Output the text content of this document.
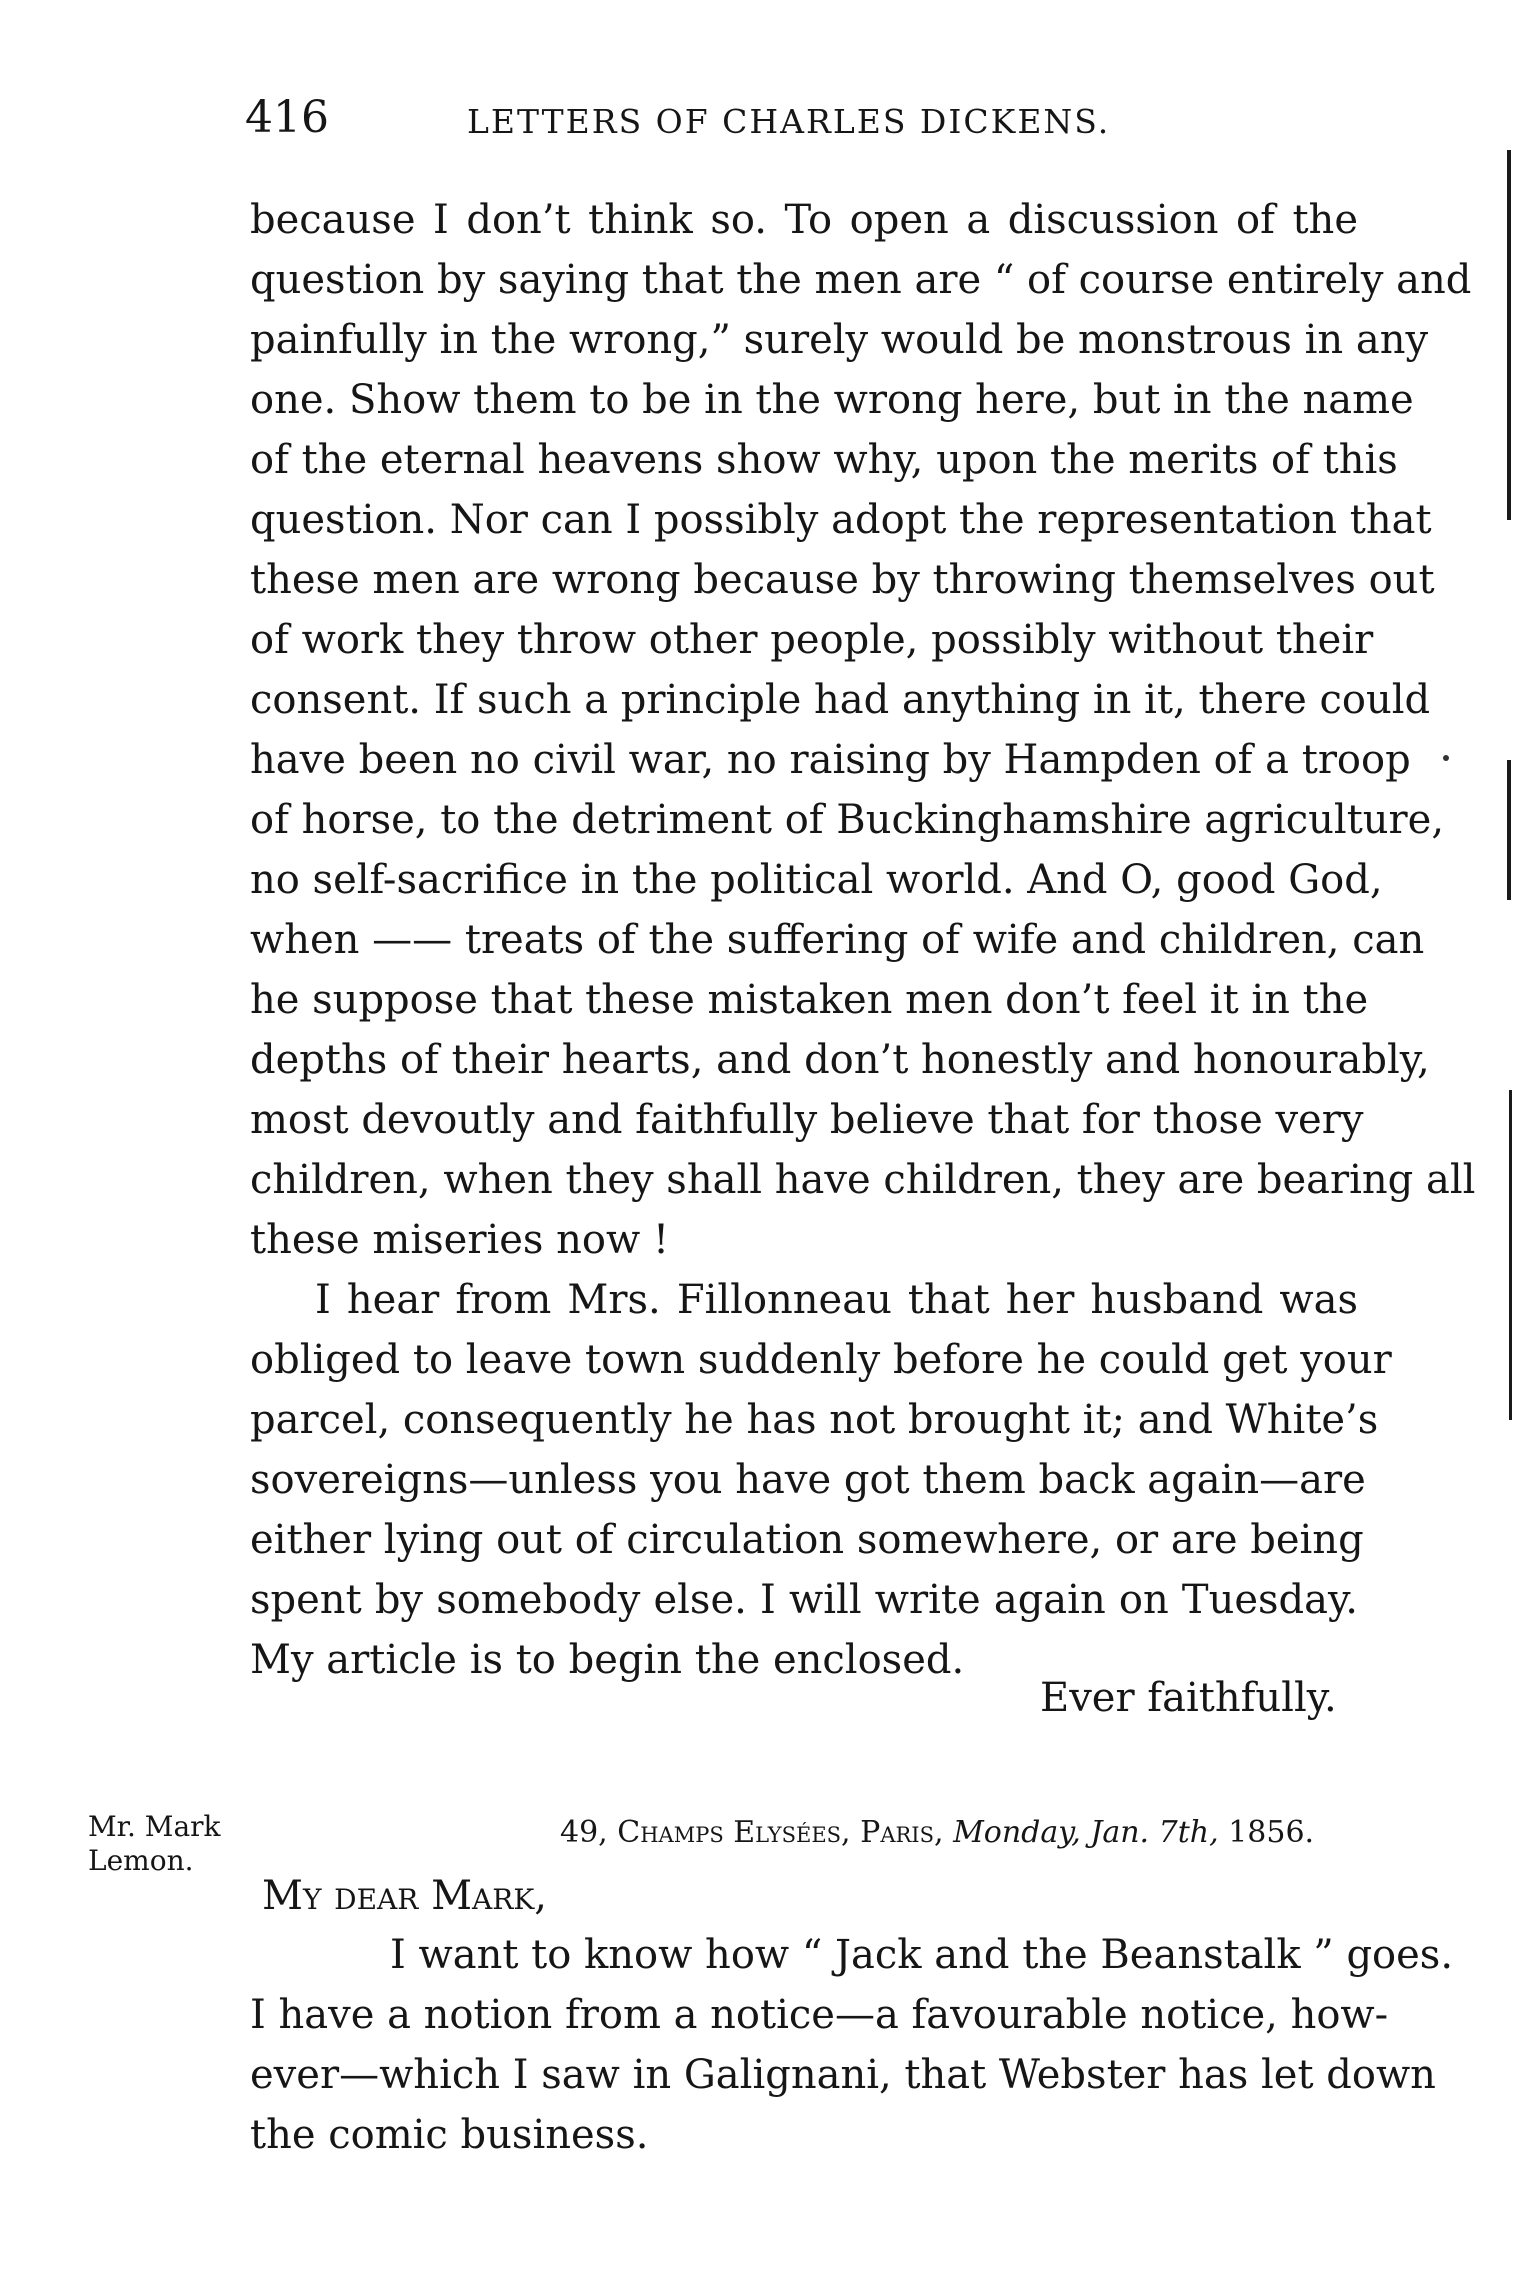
416	LETTERS OF CHARLES DICKENS.
because I don’t think so. To open a discussion of the
question by saying that the men are “ of course entirely and
painfully in the wrong,” surely would be monstrous in any
one. Show them to be in the wrong here, but in the name
of the eternal heavens show why, upon the merits of this
question. Nor can I possibly adopt the representation that
these men are wrong because by throwing themselves out
of work they throw other people, possibly without their
consent. If such a principle had anything in it, there could
have been no civil war, no raising by Hampden of a troop
of horse, to the detriment of Buckinghamshire agriculture,
no self-sacrifice in the political world. And O, good God,
when —— treats of the suffering of wife and children, can
he suppose that these mistaken men don’t feel it in the
depths of their hearts, and don’t honestly and honourably,
most devoutly and faithfully believe that for those very
children, when they shall have children, they are bearing all
these miseries now !
I hear from Mrs. Fillonneau that her husband was
obliged to leave town suddenly before he could get your
parcel, consequently he has not brought it; and White’s
sovereigns—unless you have got them back again—are
either lying out of circulation somewhere, or are being
spent by somebody else. I will write again on Tuesday.
My article is to begin the enclosed.
Ever faithfully.
Mr. Mark
Lemon.
49, Champs Elysées, Paris, Monday, Jan. 7th, 1856.
My dear Mark,
I want to know how “ Jack and the Beanstalk ” goes.
I have a notion from a notice—a favourable notice, how-
ever—which I saw in Galignani, that Webster has let down
the comic business.
